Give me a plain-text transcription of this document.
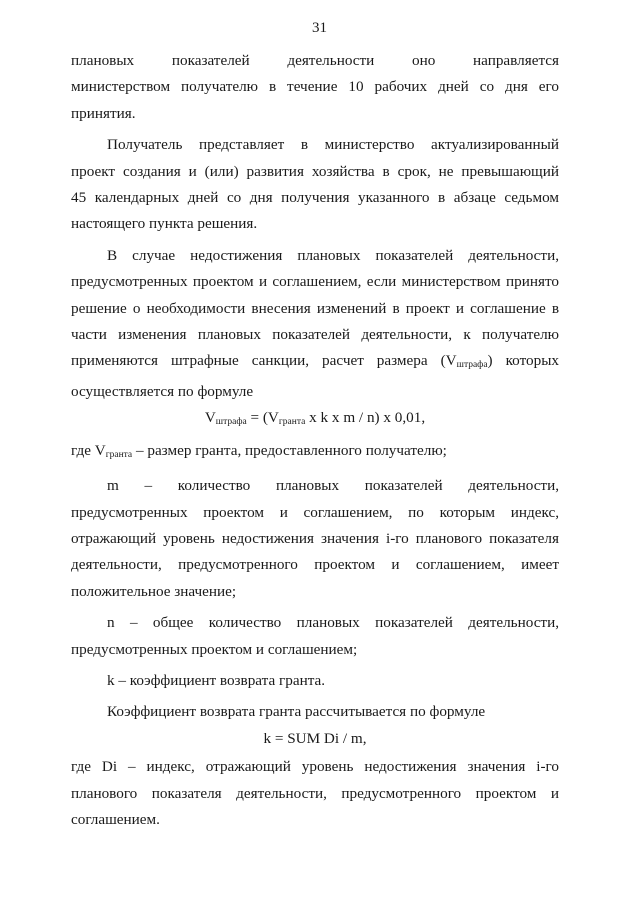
31
плановых показателей деятельности оно направляется
министерством получателю в течение 10 рабочих дней со дня его
принятия.
Получатель представляет в министерство актуализированный
проект создания и (или) развития хозяйства в срок, не превышающий
45 календарных дней со дня получения указанного в абзаце седьмом
настоящего пункта решения.
В случае недостижения плановых показателей деятельности,
предусмотренных проектом и соглашением, если министерством принято
решение о необходимости внесения изменений в проект и соглашение в
части изменения плановых показателей деятельности, к получателю
применяются штрафные санкции, расчет размера (Vштрафа) которых
осуществляется по формуле
$V_{штрафа} = (V_{гранта}$ x k x m / n) x 0,01,
где Vгранта – размер гранта, предоставленного получателю;
m – количество плановых показателей деятельности,
предусмотренных проектом и соглашением, по которым индекс,
отражающий уровень недостижения значения i-го планового показателя
деятельности, предусмотренного проектом и соглашением, имеет
положительное значение;
n – общее количество плановых показателей деятельности,
предусмотренных проектом и соглашением;
k – коэффициент возврата гранта.
Коэффициент возврата гранта рассчитывается по формуле
k = SUM Di / m,
где Di – индекс, отражающий уровень недостижения значения i-го
планового показателя деятельности, предусмотренного проектом и
соглашением.
